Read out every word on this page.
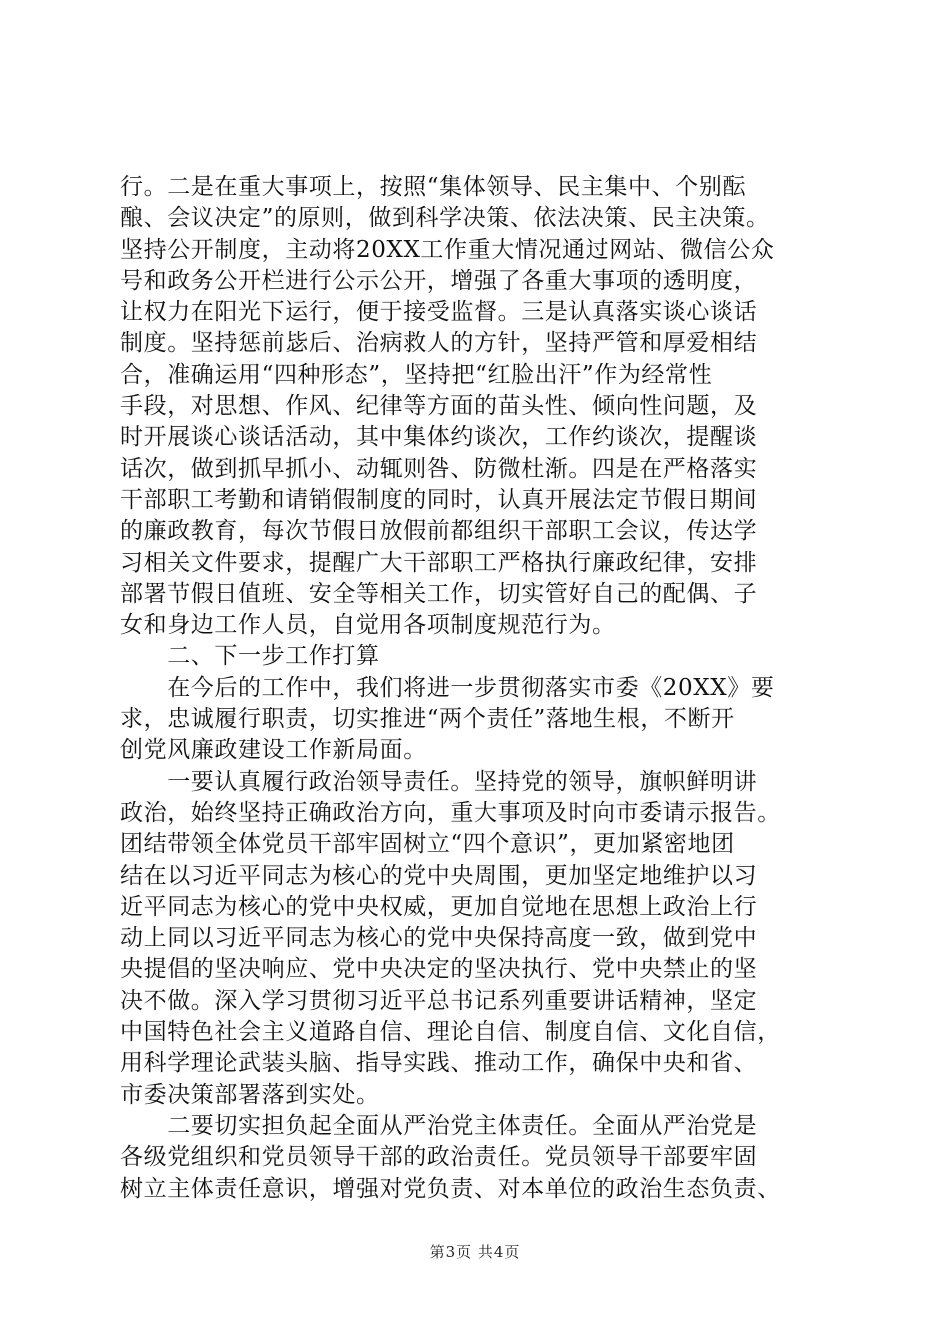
行。二是在重大事项上，按照“集体领导、民主集中、个别酝
酿、会议决定”的原则，做到科学决策、依法决策、民主决策。
坚持公开制度，主动将20XX工作重大情况通过网站、微信公众
号和政务公开栏进行公示公开，增强了各重大事项的透明度，
让权力在阳光下运行，便于接受监督。三是认真落实谈心谈话
制度。坚持惩前毖后、治病救人的方针，坚持严管和厚爱相结
合，准确运用“四种形态”，坚持把“红脸出汗”作为经常性
手段，对思想、作风、纪律等方面的苗头性、倾向性问题，及
时开展谈心谈话活动，其中集体约谈次，工作约谈次，提醒谈
话次，做到抓早抓小、动辄则咎、防微杜渐。四是在严格落实
干部职工考勤和请销假制度的同时，认真开展法定节假日期间
的廉政教育，每次节假日放假前都组织干部职工会议，传达学
习相关文件要求，提醒广大干部职工严格执行廉政纪律，安排
部署节假日值班、安全等相关工作，切实管好自己的配偶、子
女和身边工作人员，自觉用各项制度规范行为。
　　二、下一步工作打算
　　在今后的工作中，我们将进一步贯彻落实市委《20XX》要
求，忠诚履行职责，切实推进“两个责任”落地生根，不断开
创党风廉政建设工作新局面。
　　一要认真履行政治领导责任。坚持党的领导，旗帜鲜明讲
政治，始终坚持正确政治方向，重大事项及时向市委请示报告。
团结带领全体党员干部牢固树立“四个意识”，更加紧密地团
结在以习近平同志为核心的党中央周围，更加坚定地维护以习
近平同志为核心的党中央权威，更加自觉地在思想上政治上行
动上同以习近平同志为核心的党中央保持高度一致，做到党中
央提倡的坚决响应、党中央决定的坚决执行、党中央禁止的坚
决不做。深入学习贯彻习近平总书记系列重要讲话精神，坚定
中国特色社会主义道路自信、理论自信、制度自信、文化自信，
用科学理论武装头脑、指导实践、推动工作，确保中央和省、
市委决策部署落到实处。
　　二要切实担负起全面从严治党主体责任。全面从严治党是
各级党组织和党员领导干部的政治责任。党员领导干部要牢固
树立主体责任意识，增强对党负责、对本单位的政治生态负责、
第3页 共4页
